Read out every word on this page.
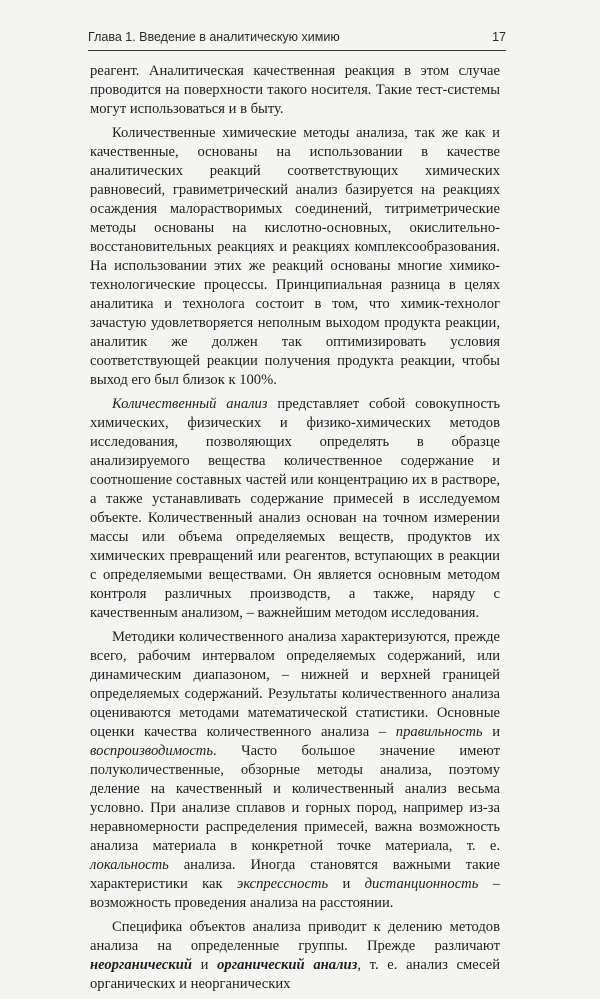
Глава 1. Введение в аналитическую химию	17

реагент. Аналитическая качественная реакция в этом случае проводится на поверхности такого носителя. Такие тест-системы могут использоваться и в быту.

Количественные химические методы анализа, так же как и качественные, основаны на использовании в качестве аналитических реакций соответствующих химических равновесий, гравиметрический анализ базируется на реакциях осаждения малорастворимых соединений, титриметрические методы основаны на кислотно-основных, окислительно-восстановительных реакциях и реакциях комплексообразования. На использовании этих же реакций основаны многие химико-технологические процессы. Принципиальная разница в целях аналитика и технолога состоит в том, что химик-технолог зачастую удовлетворяется неполным выходом продукта реакции, аналитик же должен так оптимизировать условия соответствующей реакции получения продукта реакции, чтобы выход его был близок к 100%.

Количественный анализ представляет собой совокупность химических, физических и физико-химических методов исследования, позволяющих определять в образце анализируемого вещества количественное содержание и соотношение составных частей или концентрацию их в растворе, а также устанавливать содержание примесей в исследуемом объекте. Количественный анализ основан на точном измерении массы или объема определяемых веществ, продуктов их химических превращений или реагентов, вступающих в реакции с определяемыми веществами. Он является основным методом контроля различных производств, а также, наряду с качественным анализом, – важнейшим методом исследования.

Методики количественного анализа характеризуются, прежде всего, рабочим интервалом определяемых содержаний, или динамическим диапазоном, – нижней и верхней границей определяемых содержаний. Результаты количественного анализа оцениваются методами математической статистики. Основные оценки качества количественного анализа – правильность и воспроизводимость. Часто большое значение имеют полуколичественные, обзорные методы анализа, поэтому деление на качественный и количественный анализ весьма условно. При анализе сплавов и горных пород, например из-за неравномерности распределения примесей, важна возможность анализа материала в конкретной точке материала, т. е. локальность анализа. Иногда становятся важными такие характеристики как экспрессность и дистанционность – возможность проведения анализа на расстоянии.

Специфика объектов анализа приводит к делению методов анализа на определенные группы. Прежде различают неорганический и органический анализ, т. е. анализ смесей органических и неорганических
